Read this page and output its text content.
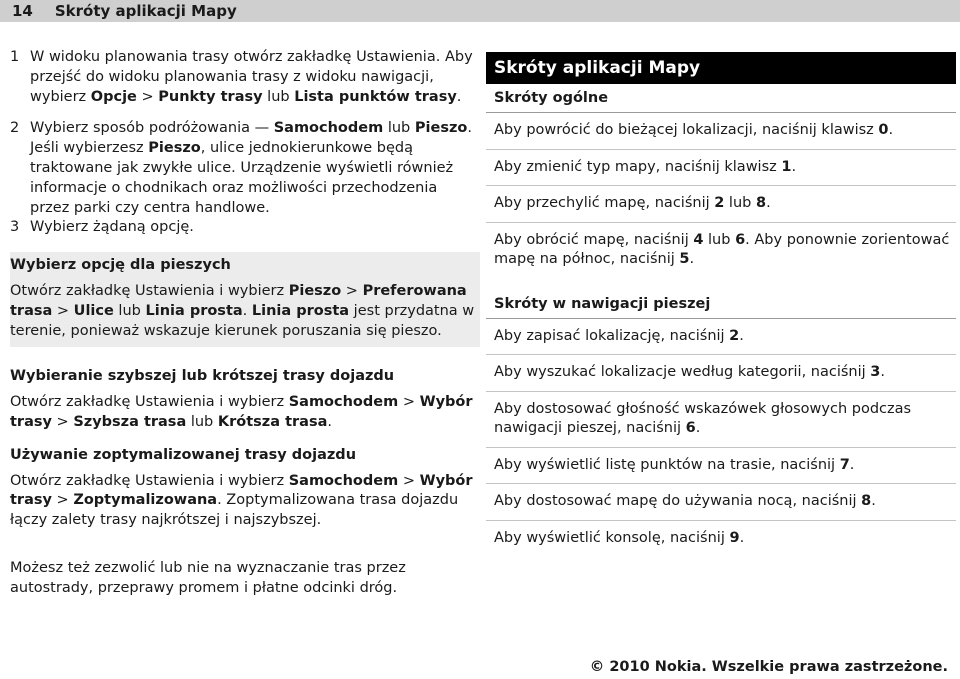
14 Skróty aplikacji Mapy
1 W widoku planowania trasy otwórz zakładkę Ustawienia. Aby przejść do widoku planowania trasy z widoku nawigacji, wybierz Opcje > Punkty trasy lub Lista punktów trasy.
2 Wybierz sposób podróżowania — Samochodem lub Pieszo. Jeśli wybierzesz Pieszo, ulice jednokierunkowe będą traktowane jak zwykłe ulice. Urządzenie wyświetli również informacje o chodnikach oraz możliwości przechodzenia przez parki czy centra handlowe.
3 Wybierz żądaną opcję.
Wybierz opcję dla pieszych
Otwórz zakładkę Ustawienia i wybierz Pieszo > Preferowana trasa > Ulice lub Linia prosta. Linia prosta jest przydatna w terenie, ponieważ wskazuje kierunek poruszania się pieszo.
Wybieranie szybszej lub krótszej trasy dojazdu
Otwórz zakładkę Ustawienia i wybierz Samochodem > Wybór trasy > Szybsza trasa lub Krótsza trasa.
Używanie zoptymalizowanej trasy dojazdu
Otwórz zakładkę Ustawienia i wybierz Samochodem > Wybór trasy > Zoptymalizowana. Zoptymalizowana trasa dojazdu łączy zalety trasy najkrótszej i najszybszej.
Możesz też zezwolić lub nie na wyznaczanie tras przez autostrady, przeprawy promem i płatne odcinki dróg.
Skróty aplikacji Mapy
Skróty ogólne
Aby powrócić do bieżącej lokalizacji, naciśnij klawisz 0.
Aby zmienić typ mapy, naciśnij klawisz 1.
Aby przechylić mapę, naciśnij 2 lub 8.
Aby obrócić mapę, naciśnij 4 lub 6. Aby ponownie zorientować mapę na północ, naciśnij 5.
Skróty w nawigacji pieszej
Aby zapisać lokalizację, naciśnij 2.
Aby wyszukać lokalizacje według kategorii, naciśnij 3.
Aby dostosować głośność wskazówek głosowych podczas nawigacji pieszej, naciśnij 6.
Aby wyświetlić listę punktów na trasie, naciśnij 7.
Aby dostosować mapę do używania nocą, naciśnij 8.
Aby wyświetlić konsolę, naciśnij 9.
© 2010 Nokia. Wszelkie prawa zastrzeżone.
